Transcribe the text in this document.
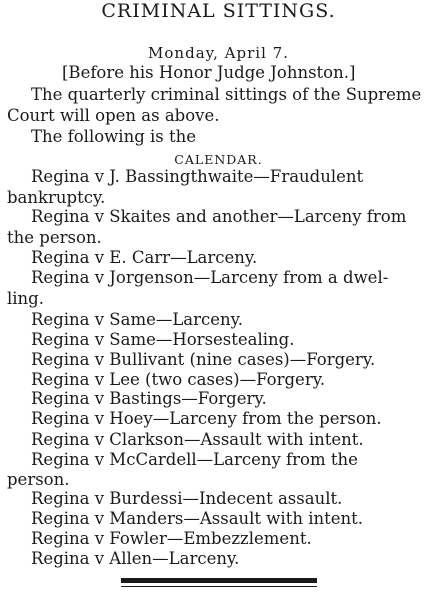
CRIMINAL SITTINGS.
Monday, April 7.
[Before his Honor Judge Johnston.]
The quarterly criminal sittings of the Supreme
Court will open as above.
The following is the
CALENDAR.
Regina v J. Bassingthwaite—Fraudulent
bankruptcy.
Regina v Skaites and another—Larceny from
the person.
Regina v E. Carr—Larceny.
Regina v Jorgenson—Larceny from a dwel-
ling.
Regina v Same—Larceny.
Regina v Same—Horsestealing.
Regina v Bullivant (nine cases)—Forgery.
Regina v Lee (two cases)—Forgery.
Regina v Bastings—Forgery.
Regina v Hoey—Larceny from the person.
Regina v Clarkson—Assault with intent.
Regina v McCardell—Larceny from the
person.
Regina v Burdessi—Indecent assault.
Regina v Manders—Assault with intent.
Regina v Fowler—Embezzlement.
Regina v Allen—Larceny.
